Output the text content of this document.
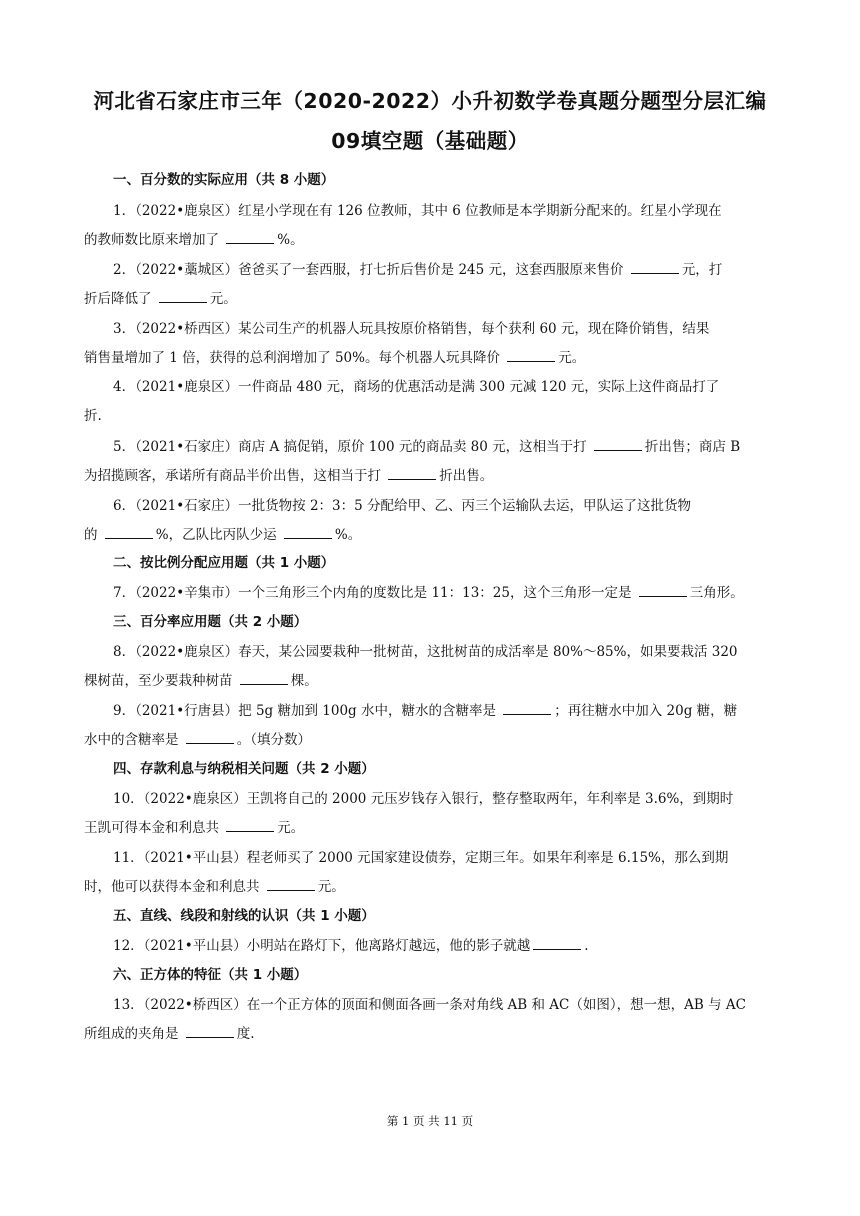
河北省石家庄市三年（2020-2022）小升初数学卷真题分题型分层汇编
09填空题（基础题）
一、百分数的实际应用（共 8 小题）
1．（2022•鹿泉区）红星小学现在有 126 位教师，其中 6 位教师是本学期新分配来的。红星小学现在
的教师数比原来增加了	%。
2．（2022•藁城区）爸爸买了一套西服，打七折后售价是 245 元，这套西服原来售价	元，打
折后降低了	元。
3．（2022•桥西区）某公司生产的机器人玩具按原价格销售，每个获利 60 元，现在降价销售，结果
销售量增加了 1 倍，获得的总利润增加了 50%。每个机器人玩具降价	元。
4．（2021•鹿泉区）一件商品 480 元，商场的优惠活动是满 300 元减 120 元，实际上这件商品打了
折.
5．（2021•石家庄）商店 A 搞促销，原价 100 元的商品卖 80 元，这相当于打	折出售；商店 B
为招揽顾客，承诺所有商品半价出售，这相当于打	折出售。
6．（2021•石家庄）一批货物按 2：3：5 分配给甲、乙、丙三个运输队去运，甲队运了这批货物
的	%，乙队比丙队少运	%。
二、按比例分配应用题（共 1 小题）
7．（2022•辛集市）一个三角形三个内角的度数比是 11：13：25，这个三角形一定是	三角形。
三、百分率应用题（共 2 小题）
8．（2022•鹿泉区）春天，某公园要栽种一批树苗，这批树苗的成活率是 80%～85%，如果要栽活 320
棵树苗，至少要栽种树苗	棵。
9．（2021•行唐县）把 5g 糖加到 100g 水中，糖水的含糖率是	；再往糖水中加入 20g 糖，糖
水中的含糖率是	。（填分数）
四、存款利息与纳税相关问题（共 2 小题）
10．（2022•鹿泉区）王凯将自己的 2000 元压岁钱存入银行，整存整取两年，年利率是 3.6%，到期时
王凯可得本金和利息共	元。
11．（2021•平山县）程老师买了 2000 元国家建设债券，定期三年。如果年利率是 6.15%，那么到期
时，他可以获得本金和利息共	元。
五、直线、线段和射线的认识（共 1 小题）
12．（2021•平山县）小明站在路灯下，他离路灯越远，他的影子就越	.
六、正方体的特征（共 1 小题）
13．（2022•桥西区）在一个正方体的顶面和侧面各画一条对角线 AB 和 AC（如图），想一想，AB 与 AC
所组成的夹角是	度.
第 1 页 共 11 页
